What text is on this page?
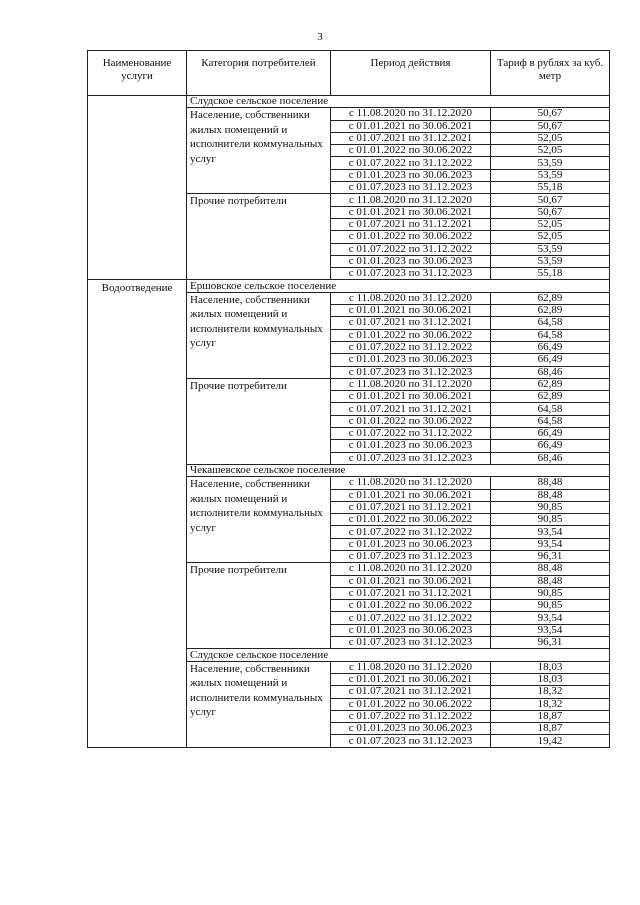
3
Наименование услуги	Категория потребителей	Период действия	Тариф в рублях за куб. метр
	Слудское сельское поселение		
	Население, собственники жилых помещений и исполнители коммунальных услуг	с 11.08.2020 по 31.12.2020	50,67
		с 01.01.2021 по 30.06.2021	50,67
		с 01.07.2021 по 31.12.2021	52,05
		с 01.01.2022 по 30.06.2022	52,05
		с 01.07.2022 по 31.12.2022	53,59
		с 01.01.2023 по 30.06.2023	53,59
		с 01.07.2023 по 31.12.2023	55,18
	Прочие потребители	с 11.08.2020 по 31.12.2020	50,67
		с 01.01.2021 по 30.06.2021	50,67
		с 01.07.2021 по 31.12.2021	52,05
		с 01.01.2022 по 30.06.2022	52,05
		с 01.07.2022 по 31.12.2022	53,59
		с 01.01.2023 по 30.06.2023	53,59
		с 01.07.2023 по 31.12.2023	55,18
Водоотведение	Ершовское сельское поселение		
	Население, собственники жилых помещений и исполнители коммунальных услуг	с 11.08.2020 по 31.12.2020	62,89
		с 01.01.2021 по 30.06.2021	62,89
		с 01.07.2021 по 31.12.2021	64,58
		с 01.01.2022 по 30.06.2022	64,58
		с 01.07.2022 по 31.12.2022	66,49
		с 01.01.2023 по 30.06.2023	66,49
		с 01.07.2023 по 31.12.2023	68,46
	Прочие потребители	с 11.08.2020 по 31.12.2020	62,89
		с 01.01.2021 по 30.06.2021	62,89
		с 01.07.2021 по 31.12.2021	64,58
		с 01.01.2022 по 30.06.2022	64,58
		с 01.07.2022 по 31.12.2022	66,49
		с 01.01.2023 по 30.06.2023	66,49
		с 01.07.2023 по 31.12.2023	68,46
	Чекашевское сельское поселение		
	Население, собственники жилых помещений и исполнители коммунальных услуг	с 11.08.2020 по 31.12.2020	88,48
		с 01.01.2021 по 30.06.2021	88,48
		с 01.07.2021 по 31.12.2021	90,85
		с 01.01.2022 по 30.06.2022	90,85
		с 01.07.2022 по 31.12.2022	93,54
		с 01.01.2023 по 30.06.2023	93,54
		с 01.07.2023 по 31.12.2023	96,31
	Прочие потребители	с 11.08.2020 по 31.12.2020	88,48
		с 01.01.2021 по 30.06.2021	88,48
		с 01.07.2021 по 31.12.2021	90,85
		с 01.01.2022 по 30.06.2022	90,85
		с 01.07.2022 по 31.12.2022	93,54
		с 01.01.2023 по 30.06.2023	93,54
		с 01.07.2023 по 31.12.2023	96,31
	Слудское сельское поселение		
	Население, собственники жилых помещений и исполнители коммунальных услуг	с 11.08.2020 по 31.12.2020	18,03
		с 01.01.2021 по 30.06.2021	18,03
		с 01.07.2021 по 31.12.2021	18,32
		с 01.01.2022 по 30.06.2022	18,32
		с 01.07.2022 по 31.12.2022	18,87
		с 01.01.2023 по 30.06.2023	18,87
		с 01.07.2023 по 31.12.2023	19,42
